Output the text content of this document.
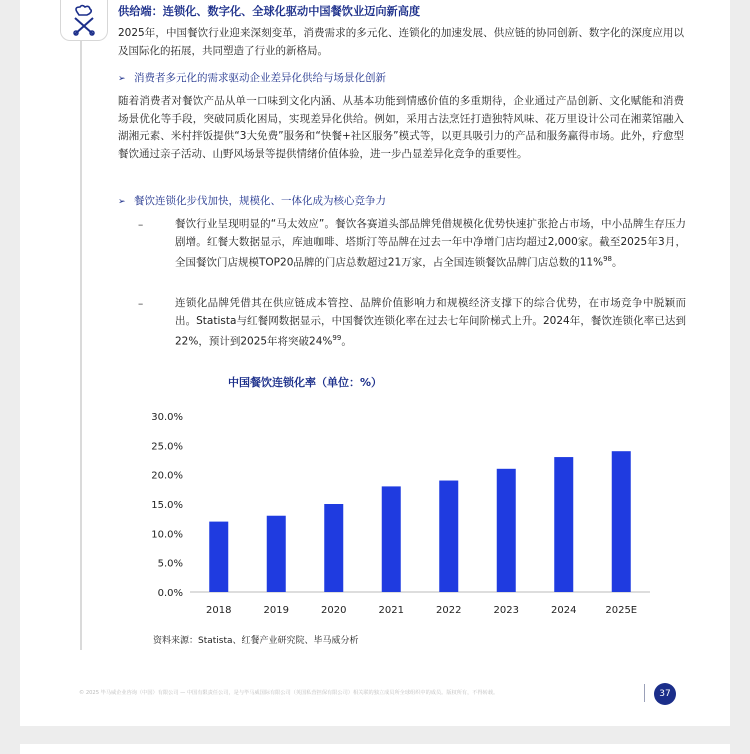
供给端：连锁化、数字化、全球化驱动中国餐饮业迈向新高度

2025年，中国餐饮行业迎来深刻变革，消费需求的多元化、连锁化的加速发展、供应链的协同创新、数字化的深度应用以及国际化的拓展，共同塑造了行业的新格局。

➢ 消费者多元化的需求驱动企业差异化供给与场景化创新

随着消费者对餐饮产品从单一口味到文化内涵、从基本功能到情感价值的多重期待，企业通过产品创新、文化赋能和消费场景优化等手段，突破同质化困局，实现差异化供给。例如，采用古法烹饪打造独特风味、花万里设计公司在湘菜馆融入湖湘元素、米村拌饭提供“3大免费”服务和“快餐+社区服务”模式等，以更具吸引力的产品和服务赢得市场。此外，疗愈型餐饮通过亲子活动、山野风场景等提供情绪价值体验，进一步凸显差异化竞争的重要性。

➢ 餐饮连锁化步伐加快，规模化、一体化成为核心竞争力
–	餐饮行业呈现明显的“马太效应”。餐饮各赛道头部品牌凭借规模化优势快速扩张抢占市场，中小品牌生存压力剧增。红餐大数据显示，库迪咖啡、塔斯汀等品牌在过去一年中净增门店均超过2,000家。截至2025年3月，全国餐饮门店规模TOP20品牌的门店总数超过21万家，占全国连锁餐饮品牌门店总数的11%$^{98}$。

–	连锁化品牌凭借其在供应链成本管控、品牌价值影响力和规模经济支撑下的综合优势，在市场竞争中脱颖而出。Statista与红餐网数据显示，中国餐饮连锁化率在过去七年间阶梯式上升。2024年，餐饮连锁化率已达到22%，预计到2025年将突破24%$^{99}$。

中国餐饮连锁化率（单位：%）
0.0%
5.0%
10.0%
15.0%
20.0%
25.0%
30.0%
2018	2019	2020	2021	2022	2023	2024	2025E
资料来源：Statista、红餐产业研究院、毕马威分析
© 2025 毕马威企业咨询（中国）有限公司 — 中国有限责任公司，是与毕马威国际有限公司（英国私营担保有限公司）相关联的独立成员所全球组织中的成员。版权所有，不得转载。	37
